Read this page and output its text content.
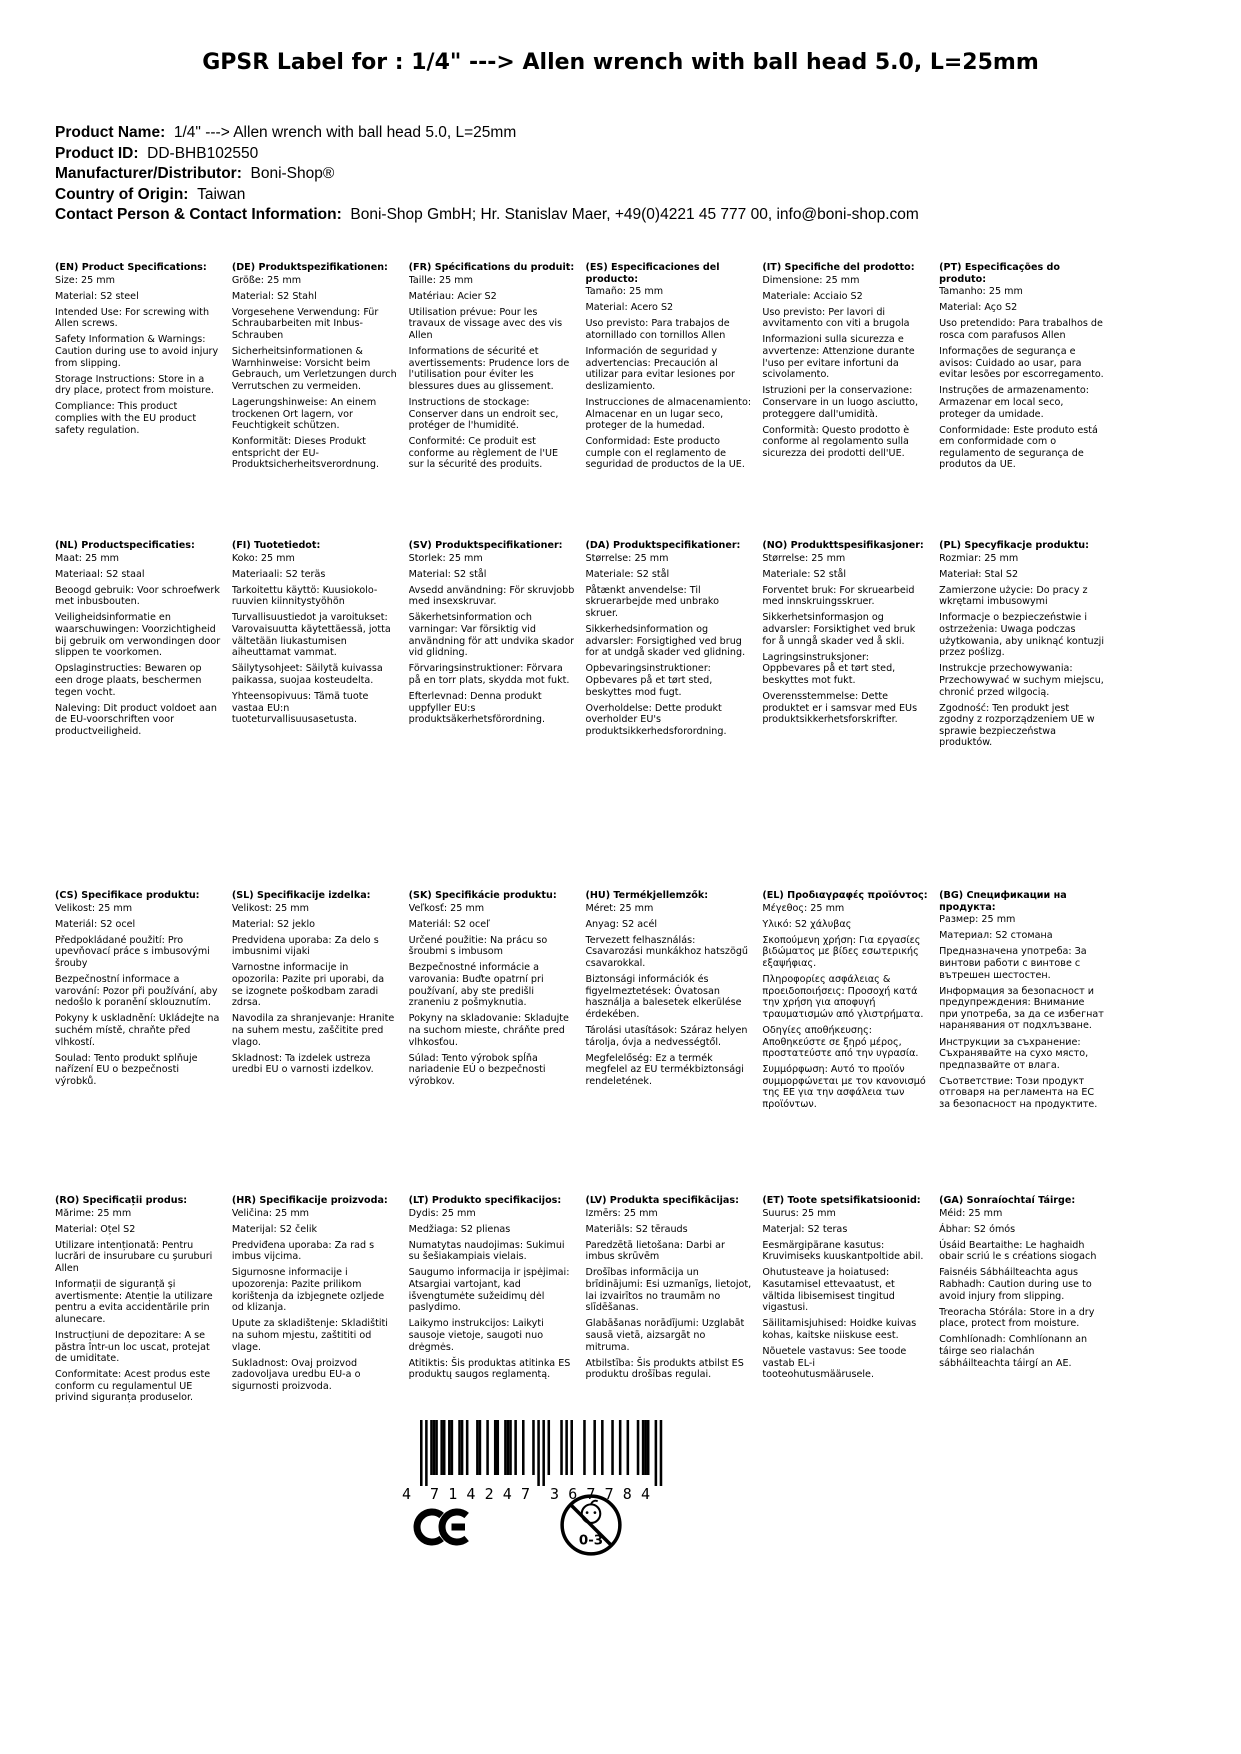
GPSR Label for : 1/4" ---> Allen wrench with ball head 5.0, L=25mm
Product Name:  1/4" ---> Allen wrench with ball head 5.0, L=25mm
Product ID:  DD-BHB102550
Manufacturer/Distributor:  Boni-Shop®
Country of Origin:  Taiwan
Contact Person & Contact Information:  Boni-Shop GmbH; Hr. Stanislav Maer, +49(0)4221 45 777 00, info@boni-shop.com
(EN) Product Specifications:

Size: 25 mm

Material: S2 steel

Intended Use: For screwing with Allen screws.

Safety Information & Warnings: Caution during use to avoid injury from slipping.

Storage Instructions: Store in a dry place, protect from moisture.

Compliance: This product complies with the EU product safety regulation.

(DE) Produktspezifikationen:

Größe: 25 mm

Material: S2 Stahl

Vorgesehene Verwendung: Für Schraubarbeiten mit Inbus-Schrauben

Sicherheitsinformationen & Warnhinweise: Vorsicht beim Gebrauch, um Verletzungen durch Verrutschen zu vermeiden.

Lagerungshinweise: An einem trockenen Ort lagern, vor Feuchtigkeit schützen.

Konformität: Dieses Produkt entspricht der EU-Produktsicherheitsverordnung.

(FR) Spécifications du produit:

Taille: 25 mm

Matériau: Acier S2

Utilisation prévue: Pour les travaux de vissage avec des vis Allen

Informations de sécurité et avertissements: Prudence lors de l'utilisation pour éviter les blessures dues au glissement.

Instructions de stockage: Conserver dans un endroit sec, protéger de l'humidité.

Conformité: Ce produit est conforme au règlement de l'UE sur la sécurité des produits.

(ES) Especificaciones del producto:

Tamaño: 25 mm

Material: Acero S2

Uso previsto: Para trabajos de atornillado con tornillos Allen

Información de seguridad y advertencias: Precaución al utilizar para evitar lesiones por deslizamiento.

Instrucciones de almacenamiento: Almacenar en un lugar seco, proteger de la humedad.

Conformidad: Este producto cumple con el reglamento de seguridad de productos de la UE.

(IT) Specifiche del prodotto:

Dimensione: 25 mm

Materiale: Acciaio S2

Uso previsto: Per lavori di avvitamento con viti a brugola

Informazioni sulla sicurezza e avvertenze: Attenzione durante l'uso per evitare infortuni da scivolamento.

Istruzioni per la conservazione: Conservare in un luogo asciutto, proteggere dall'umidità.

Conformità: Questo prodotto è conforme al regolamento sulla sicurezza dei prodotti dell'UE.

(PT) Especificações do produto:

Tamanho: 25 mm

Material: Aço S2

Uso pretendido: Para trabalhos de rosca com parafusos Allen

Informações de segurança e avisos: Cuidado ao usar, para evitar lesões por escorregamento.

Instruções de armazenamento: Armazenar em local seco, proteger da umidade.

Conformidade: Este produto está em conformidade com o regulamento de segurança de produtos da UE.

(NL) Productspecificaties:

Maat: 25 mm

Materiaal: S2 staal

Beoogd gebruik: Voor schroefwerk met inbusbouten.

Veiligheidsinformatie en waarschuwingen: Voorzichtigheid bij gebruik om verwondingen door slippen te voorkomen.

Opslaginstructies: Bewaren op een droge plaats, beschermen tegen vocht.

Naleving: Dit product voldoet aan de EU-voorschriften voor productveiligheid.

(FI) Tuotetiedot:

Koko: 25 mm

Materiaali: S2 teräs

Tarkoitettu käyttö: Kuusiokolo-ruuvien kiinnitystyöhön

Turvallisuustiedot ja varoitukset: Varovaisuutta käytettäessä, jotta vältetään liukastumisen aiheuttamat vammat.

Säilytysohjeet: Säilytä kuivassa paikassa, suojaa kosteudelta.

Yhteensopivuus: Tämä tuote vastaa EU:n tuoteturvallisuusasetusta.

(SV) Produktspecifikationer:

Storlek: 25 mm

Material: S2 stål

Avsedd användning: För skruvjobb med insexskruvar.

Säkerhetsinformation och varningar: Var försiktig vid användning för att undvika skador vid glidning.

Förvaringsinstruktioner: Förvara på en torr plats, skydda mot fukt.

Efterlevnad: Denna produkt uppfyller EU:s produktsäkerhetsförordning.

(DA) Produktspecifikationer:

Størrelse: 25 mm

Materiale: S2 stål

Påtænkt anvendelse: Til skruerarbejde med unbrako skruer.

Sikkerhedsinformation og advarsler: Forsigtighed ved brug for at undgå skader ved glidning.

Opbevaringsinstruktioner: Opbevares på et tørt sted, beskyttes mod fugt.

Overholdelse: Dette produkt overholder EU's produktsikkerhedsforordning.

(NO) Produkttspesifikasjoner:

Størrelse: 25 mm

Materiale: S2 stål

Forventet bruk: For skruearbeid med innskruingsskruer.

Sikkerhetsinformasjon og advarsler: Forsiktighet ved bruk for å unngå skader ved å skli.

Lagringsinstruksjoner: Oppbevares på et tørt sted, beskyttes mot fukt.

Overensstemmelse: Dette produktet er i samsvar med EUs produktsikkerhetsforskrifter.

(PL) Specyfikacje produktu:

Rozmiar: 25 mm

Materiał: Stal S2

Zamierzone użycie: Do pracy z wkrętami imbusowymi

Informacje o bezpieczeństwie i ostrzeżenia: Uwaga podczas użytkowania, aby uniknąć kontuzji przez poślizg.

Instrukcje przechowywania: Przechowywać w suchym miejscu, chronić przed wilgocią.

Zgodność: Ten produkt jest zgodny z rozporządzeniem UE w sprawie bezpieczeństwa produktów.

(CS) Specifikace produktu:

Velikost: 25 mm

Materiál: S2 ocel

Předpokládané použití: Pro upevňovací práce s imbusovými šrouby

Bezpečnostní informace a varování: Pozor při používání, aby nedošlo k poranění sklouznutím.

Pokyny k uskladnění: Ukládejte na suchém místě, chraňte před vlhkostí.

Soulad: Tento produkt splňuje nařízení EU o bezpečnosti výrobků.

(SL) Specifikacije izdelka:

Velikost: 25 mm

Material: S2 jeklo

Predvidena uporaba: Za delo s imbusnimi vijaki

Varnostne informacije in opozorila: Pazite pri uporabi, da se izognete poškodbam zaradi zdrsa.

Navodila za shranjevanje: Hranite na suhem mestu, zaščitite pred vlago.

Skladnost: Ta izdelek ustreza uredbi EU o varnosti izdelkov.

(SK) Špecifikácie produktu:

Veľkosť: 25 mm

Materiál: S2 oceľ

Určené použitie: Na prácu so šroubmi s imbusom

Bezpečnostné informácie a varovania: Buďte opatrní pri používaní, aby ste predišli zraneniu z pošmyknutia.

Pokyny na skladovanie: Skladujte na suchom mieste, chráňte pred vlhkosťou.

Súlad: Tento výrobok spĺňa nariadenie EÚ o bezpečnosti výrobkov.

(HU) Termékjellemzők:

Méret: 25 mm

Anyag: S2 acél

Tervezett felhasználás: Csavarozási munkákhoz hatszögű csavarokkal.

Biztonsági információk és figyelmeztetések: Óvatosan használja a balesetek elkerülése érdekében.

Tárolási utasítások: Száraz helyen tárolja, óvja a nedvességtől.

Megfelelőség: Ez a termék megfelel az EU termékbiztonsági rendeletének.

(EL) Προδιαγραφές προϊόντος:

Μέγεθος: 25 mm

Υλικό: S2 χάλυβας

Σκοπούμενη χρήση: Για εργασίες βιδώματος με βίδες εσωτερικής εξαψήφιας.

Πληροφορίες ασφάλειας & προειδοποιήσεις: Προσοχή κατά την χρήση για αποφυγή τραυματισμών από γλιστρήματα.

Οδηγίες αποθήκευσης: Αποθηκεύστε σε ξηρό μέρος, προστατεύστε από την υγρασία.

Συμμόρφωση: Αυτό το προϊόν συμμορφώνεται με τον κανονισμό της ΕΕ για την ασφάλεια των προϊόντων.

(BG) Спецификации на продукта:

Размер: 25 mm

Материал: S2 стомана

Предназначена употреба: За винтови работи с винтове с вътрешен шестостен.

Информация за безопасност и предупреждения: Внимание при употреба, за да се избегнат наранявания от подхлъзване.

Инструкции за съхранение: Съхранявайте на сухо място, предпазвайте от влага.

Съответствие: Този продукт отговаря на регламента на ЕС за безопасност на продуктите.

(RO) Specificații produs:

Mărime: 25 mm

Material: Oțel S2

Utilizare intenționată: Pentru lucrări de insurubare cu șuruburi Allen

Informații de siguranță și avertismente: Atenție la utilizare pentru a evita accidentările prin alunecare.

Instrucțiuni de depozitare: A se păstra într-un loc uscat, protejat de umiditate.

Conformitate: Acest produs este conform cu regulamentul UE privind siguranța produselor.

(HR) Specifikacije proizvoda:

Veličina: 25 mm

Materijal: S2 čelik

Predviđena uporaba: Za rad s imbus vijcima.

Sigurnosne informacije i upozorenja: Pazite prilikom korištenja da izbjegnete ozljede od klizanja.

Upute za skladištenje: Skladištiti na suhom mjestu, zaštititi od vlage.

Sukladnost: Ovaj proizvod zadovoljava uredbu EU-a o sigurnosti proizvoda.

(LT) Produkto specifikacijos:

Dydis: 25 mm

Medžiaga: S2 plienas

Numatytas naudojimas: Sukimui su šešiakampiais vielais.

Saugumo informacija ir įspėjimai: Atsargiai vartojant, kad išvengtumėte sužeidimų dėl paslydimo.

Laikymo instrukcijos: Laikyti sausoje vietoje, saugoti nuo drėgmės.

Atitiktis: Šis produktas atitinka ES produktų saugos reglamentą.

(LV) Produkta specifikācijas:

Izmērs: 25 mm

Materiāls: S2 tērauds

Paredzētā lietošana: Darbi ar imbus skrūvēm

Drošības informācija un brīdinājumi: Esi uzmanīgs, lietojot, lai izvairītos no traumām no slīdēšanas.

Glabāšanas norādījumi: Uzglabāt sausā vietā, aizsargāt no mitruma.

Atbilstība: Šis produkts atbilst ES produktu drošības regulai.

(ET) Toote spetsifikatsioonid:

Suurus: 25 mm

Materjal: S2 teras

Eesmärgipärane kasutus: Kruvimiseks kuuskantpoltide abil.

Ohutusteave ja hoiatused: Kasutamisel ettevaatust, et vältida libisemisest tingitud vigastusi.

Säilitamisjuhised: Hoidke kuivas kohas, kaitske niiskuse eest.

Nõuetele vastavus: See toode vastab EL-i tooteohutusmäärusele.

(GA) Sonraíochtaí Táirge:

Méid: 25 mm

Ábhar: S2 ómós

Úsáid Beartaithe: Le haghaidh obair scriú le s créations siogach

Faisnéis Sábháilteachta agus Rabhadh: Caution during use to avoid injury from slipping.

Treoracha Stórála: Store in a dry place, protect from moisture.

Comhlíonadh: Comhlíonann an táirge seo rialachán sábháilteachta táirgí an AE.

4 714247 367784
0-3
